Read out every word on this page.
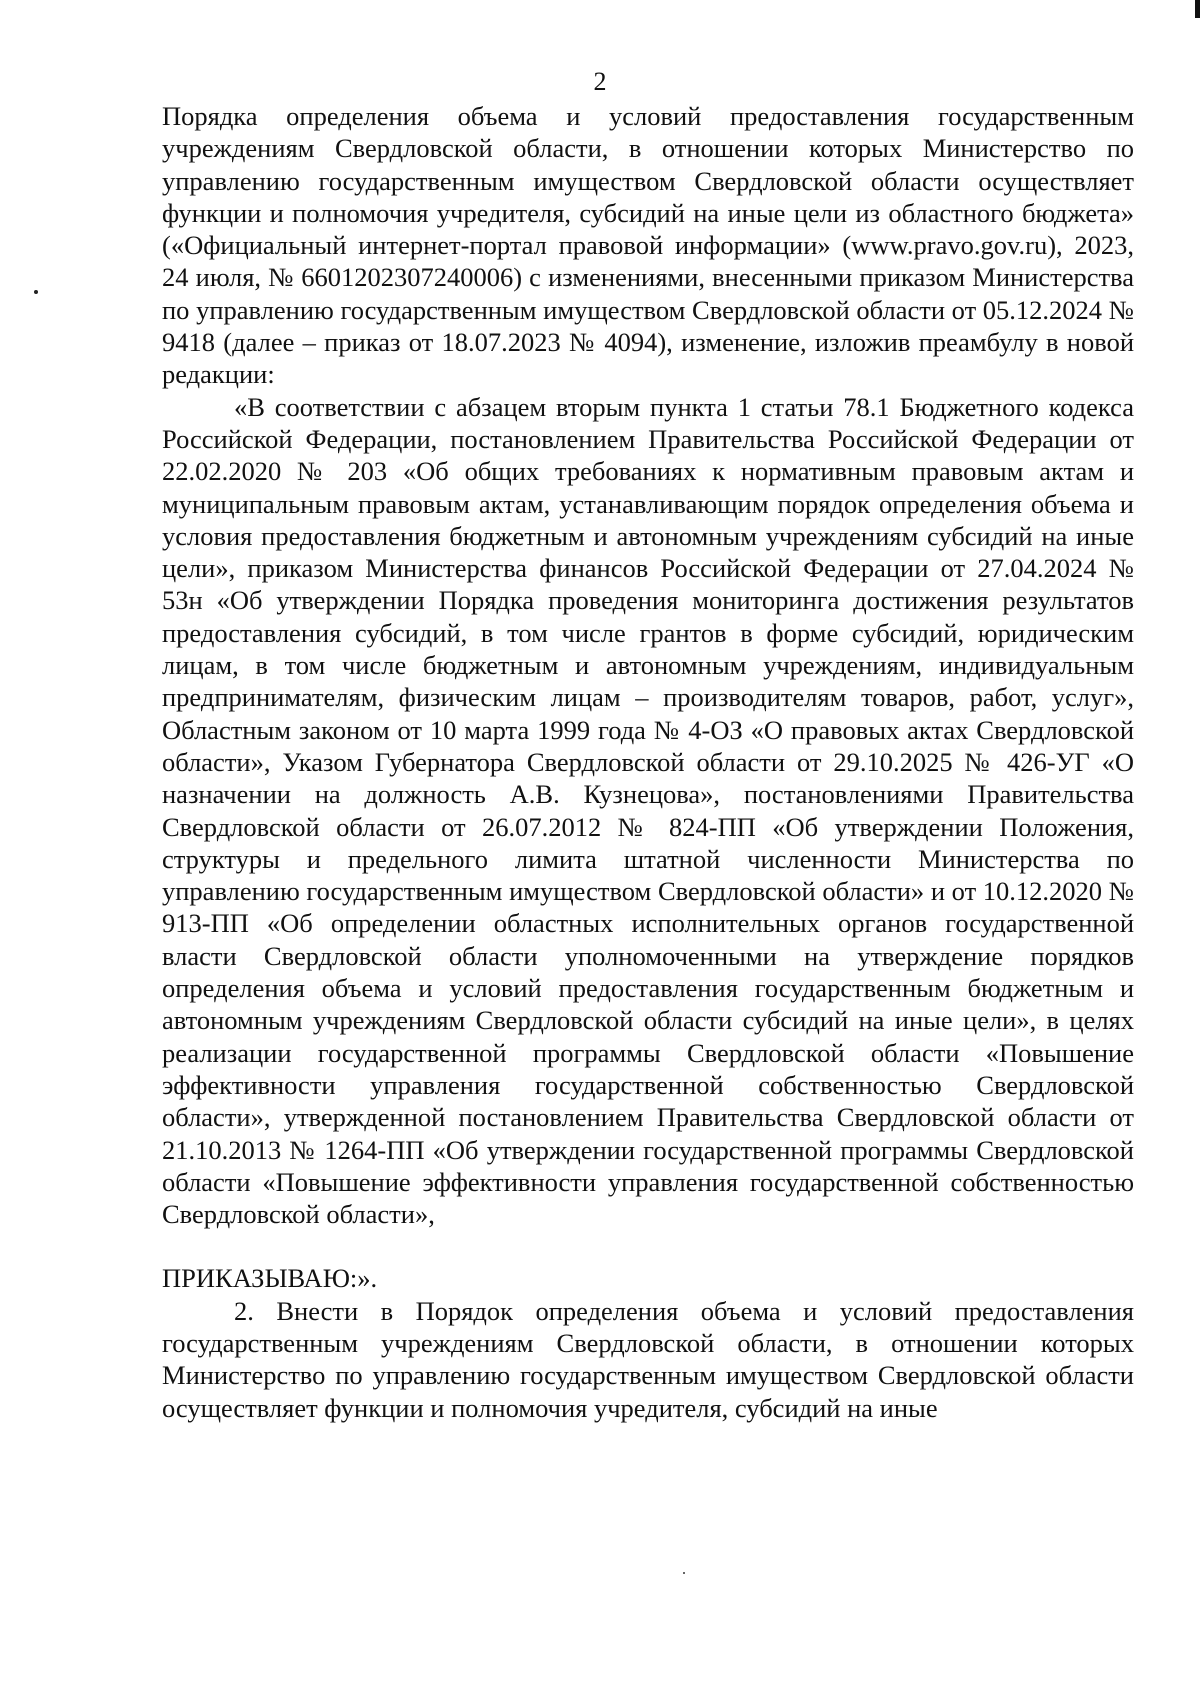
2

Порядка определения объема и условий предоставления государственным учреждениям Свердловской области, в отношении которых Министерство по управлению государственным имуществом Свердловской области осуществляет функции и полномочия учредителя, субсидий на иные цели из областного бюджета» («Официальный интернет-портал правовой информации» (www.pravo.gov.ru), 2023, 24 июля, № 6601202307240006) с изменениями, внесенными приказом Министерства по управлению государственным имуществом Свердловской области от 05.12.2024 № 9418 (далее – приказ от 18.07.2023 № 4094), изменение, изложив преамбулу в новой редакции:

«В соответствии с абзацем вторым пункта 1 статьи 78.1 Бюджетного кодекса Российской Федерации, постановлением Правительства Российской Федерации от 22.02.2020 № 203 «Об общих требованиях к нормативным правовым актам и муниципальным правовым актам, устанавливающим порядок определения объема и условия предоставления бюджетным и автономным учреждениям субсидий на иные цели», приказом Министерства финансов Российской Федерации от 27.04.2024 № 53н «Об утверждении Порядка проведения мониторинга достижения результатов предоставления субсидий, в том числе грантов в форме субсидий, юридическим лицам, в том числе бюджетным и автономным учреждениям, индивидуальным предпринимателям, физическим лицам – производителям товаров, работ, услуг», Областным законом от 10 марта 1999 года № 4-ОЗ «О правовых актах Свердловской области», Указом Губернатора Свердловской области от 29.10.2025 № 426-УГ «О назначении на должность А.В. Кузнецова», постановлениями Правительства Свердловской области от 26.07.2012 № 824-ПП «Об утверждении Положения, структуры и предельного лимита штатной численности Министерства по управлению государственным имуществом Свердловской области» и от 10.12.2020 № 913-ПП «Об определении областных исполнительных органов государственной власти Свердловской области уполномоченными на утверждение порядков определения объема и условий предоставления государственным бюджетным и автономным учреждениям Свердловской области субсидий на иные цели», в целях реализации государственной программы Свердловской области «Повышение эффективности управления государственной собственностью Свердловской области», утвержденной постановлением Правительства Свердловской области от 21.10.2013 № 1264-ПП «Об утверждении государственной программы Свердловской области «Повышение эффективности управления государственной собственностью Свердловской области»,

ПРИКАЗЫВАЮ:».

2. Внести в Порядок определения объема и условий предоставления государственным учреждениям Свердловской области, в отношении которых Министерство по управлению государственным имуществом Свердловской области осуществляет функции и полномочия учредителя, субсидий на иные
